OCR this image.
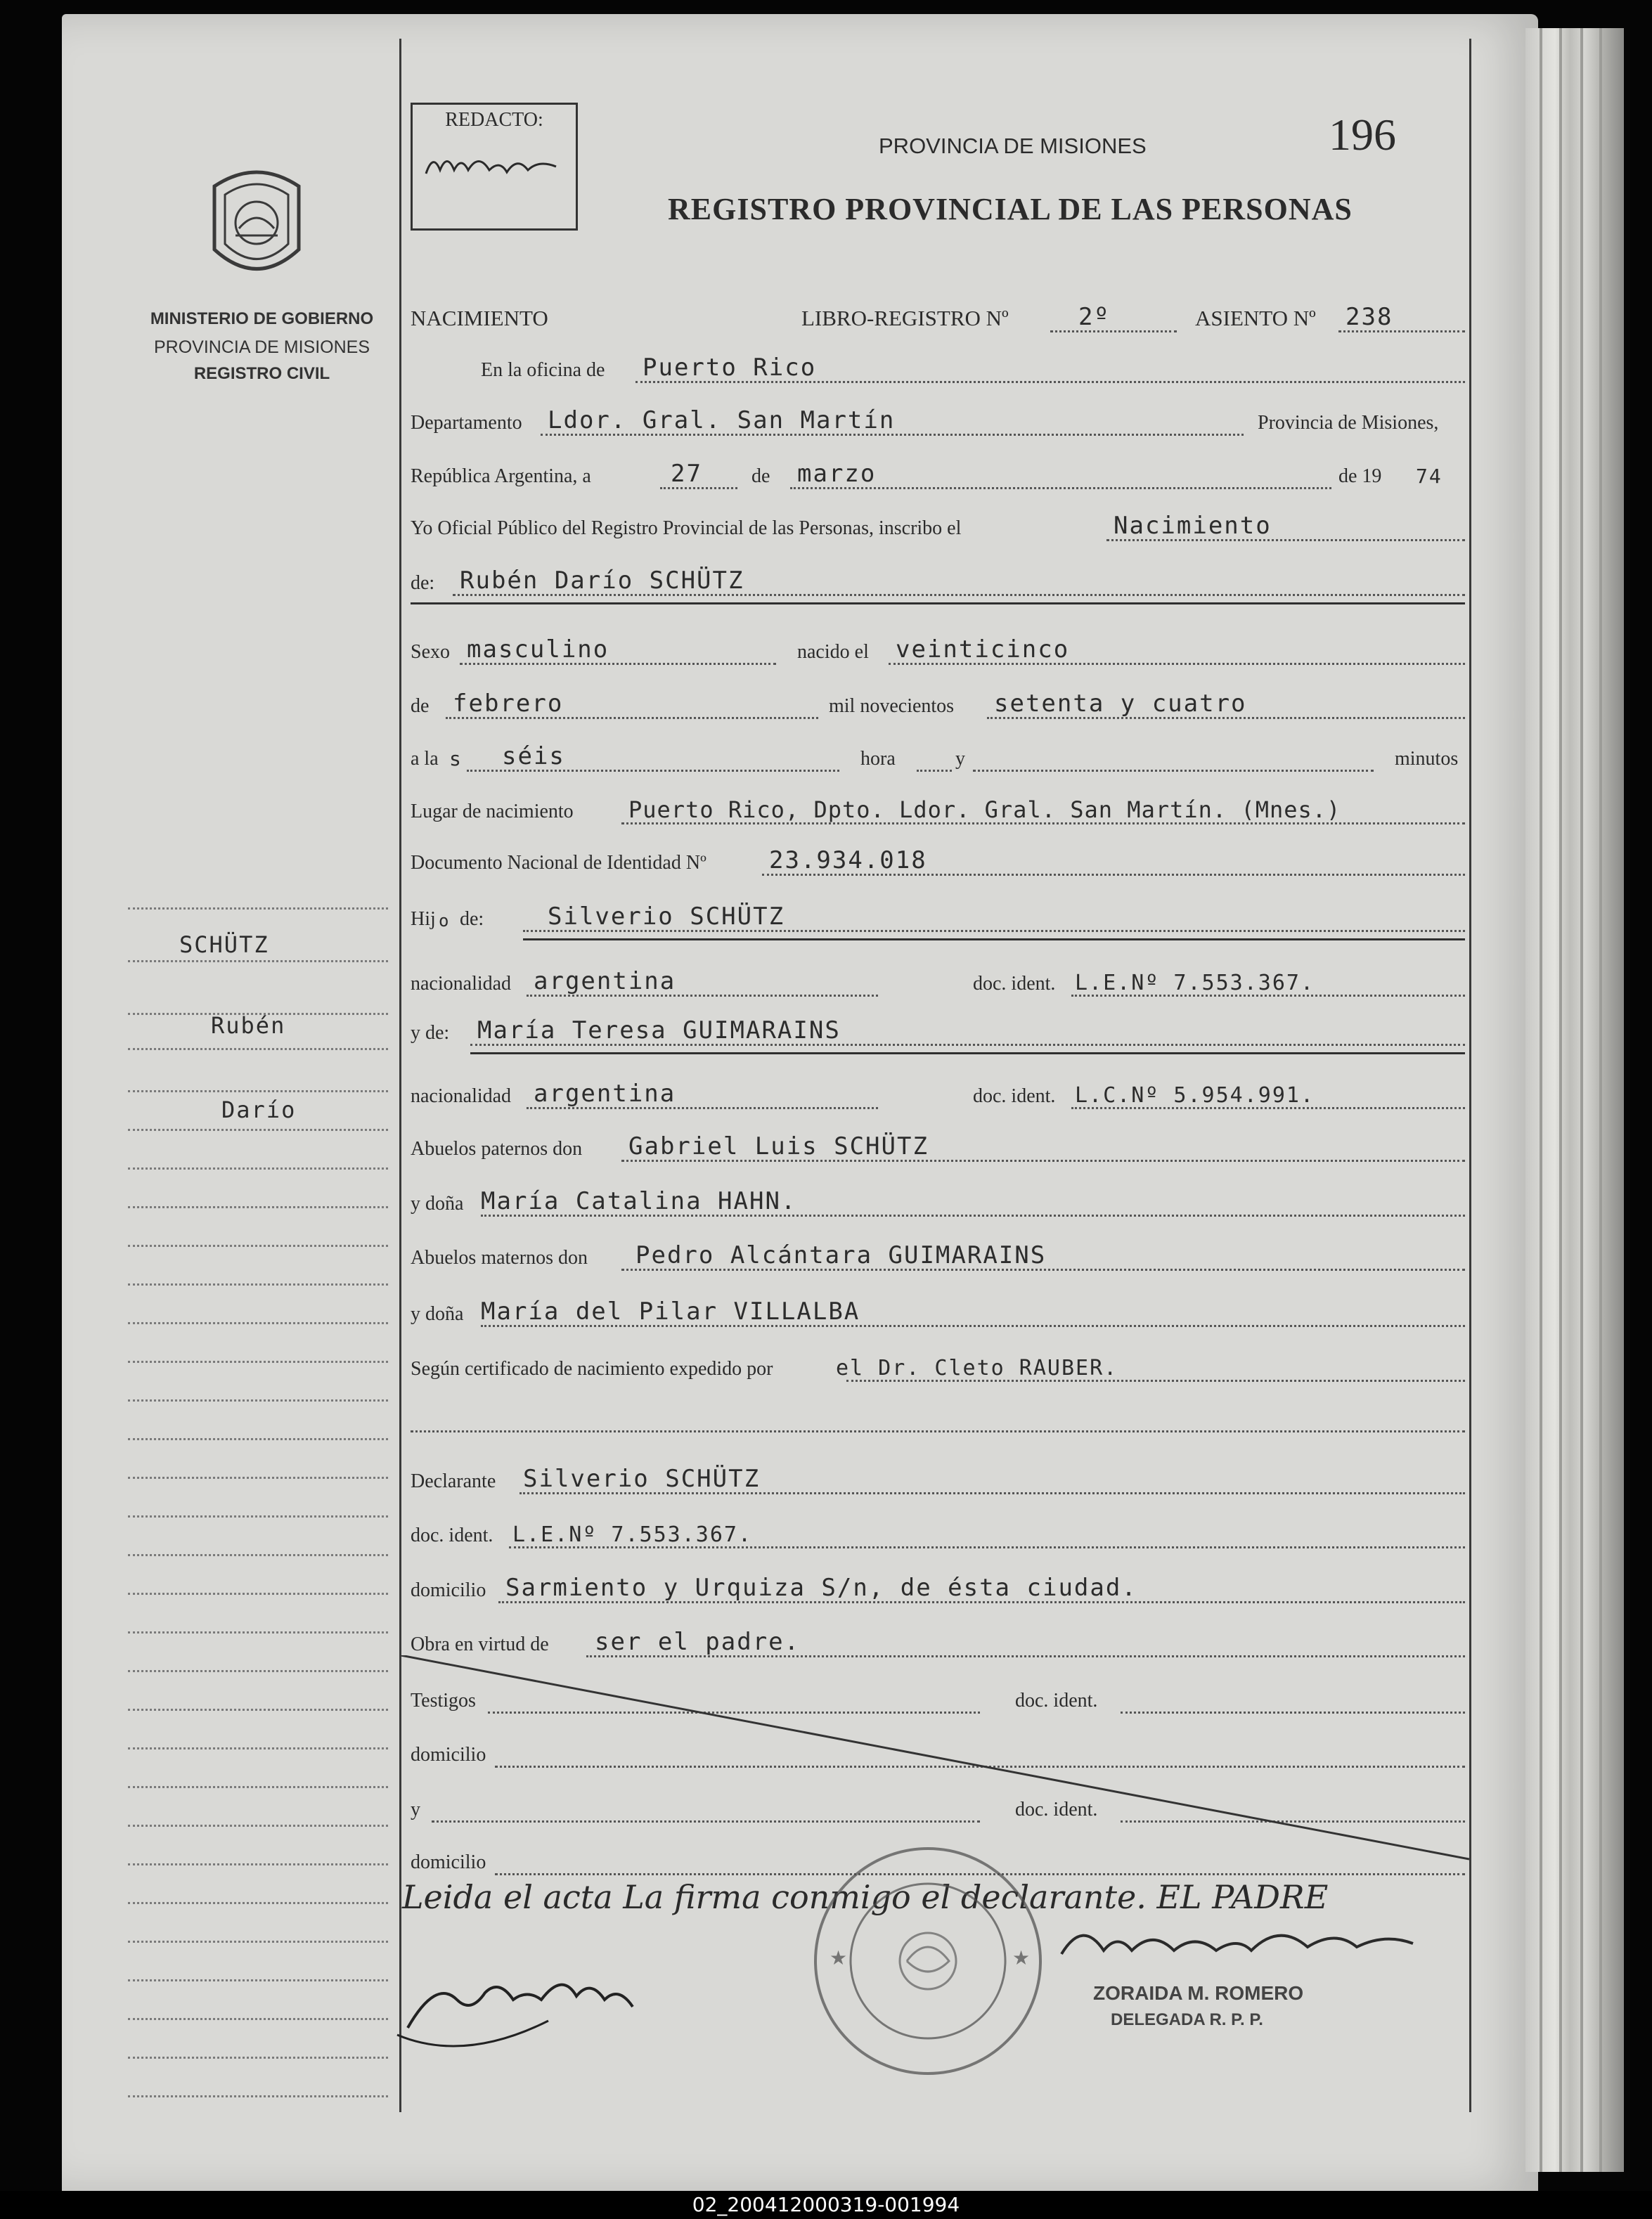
MINISTERIO DE GOBIERNO
PROVINCIA DE MISIONES
REGISTRO CIVIL
REDACTO:
PROVINCIA DE MISIONES	196
REGISTRO PROVINCIAL DE LAS PERSONAS
NACIMIENTO	LIBRO-REGISTRO Nº	2º	ASIENTO Nº 238
En la oficina de Puerto Rico
Departamento Ldor. Gral. San Martín	Provincia de Misiones,
República Argentina, a	27	de marzo	de 19 74
Yo Oficial Público del Registro Provincial de las Personas, inscribo el	Nacimiento
de: Rubén Darío SCHÜTZ
Sexo masculino	nacido el veinticinco
de febrero	mil novecientos setenta y cuatro
a la s séis	hora	y	minutos
Lugar de nacimiento Puerto Rico, Dpto. Ldor. Gral. San Martín. (Mnes.)
Documento Nacional de Identidad Nº	23.934.018
Hij o de:	Silverio SCHÜTZ
nacionalidad argentina	doc. ident. L.E.Nº 7.553.367.
y de: María Teresa GUIMARAINS
nacionalidad argentina	doc. ident. L.C.Nº 5.954.991.
Abuelos paternos don Gabriel Luis SCHÜTZ
y doña María Catalina HAHN.
Abuelos maternos don Pedro Alcántara GUIMARAINS
y doña María del Pilar VILLALBA
Según certificado de nacimiento expedido por	el Dr. Cleto RAUBER.
Declarante Silverio SCHÜTZ
doc. ident. L.E.Nº 7.553.367.
domicilio Sarmiento y Urquiza S/n, de ésta ciudad.
Obra en virtud de ser el padre.
Testigos	doc. ident.
domicilio
y	doc. ident.
domicilio
Leida el acta La firma conmigo el declarante. EL PADRE
★	★
ZORAIDA M. ROMERO
DELEGADA R. P. P.
SCHÜTZ
Rubén
Darío
02_200412000319-001994
